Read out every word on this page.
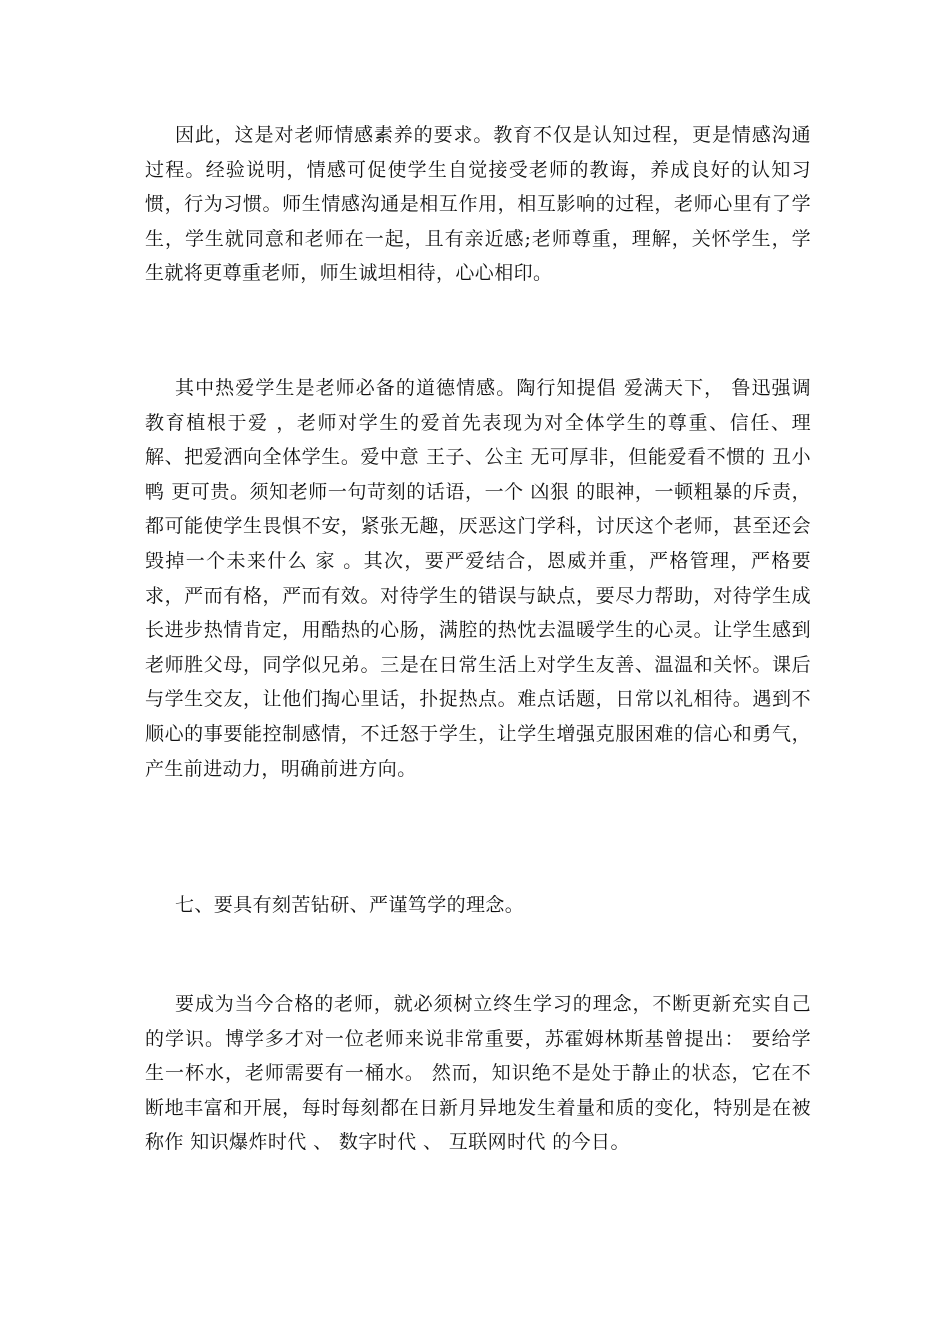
因此，这是对老师情感素养的要求。教育不仅是认知过程，更是情感沟通过程。经验说明，情感可促使学生自觉接受老师的教诲，养成良好的认知习惯，行为习惯。师生情感沟通是相互作用，相互影响的过程，老师心里有了学生，学生就同意和老师在一起，且有亲近感;老师尊重，理解，关怀学生，学生就将更尊重老师，师生诚坦相待，心心相印。

其中热爱学生是老师必备的道德情感。陶行知提倡 爱满天下， 鲁迅强调 教育植根于爱 ，老师对学生的爱首先表现为对全体学生的尊重、信任、理解、把爱洒向全体学生。爱中意 王子、公主 无可厚非，但能爱看不惯的 丑小鸭 更可贵。须知老师一句苛刻的话语，一个 凶狠 的眼神，一顿粗暴的斥责，都可能使学生畏惧不安，紧张无趣，厌恶这门学科，讨厌这个老师，甚至还会毁掉一个未来什么 家 。其次，要严爱结合，恩威并重，严格管理，严格要求，严而有格，严而有效。对待学生的错误与缺点，要尽力帮助，对待学生成长进步热情肯定，用酷热的心肠，满腔的热忱去温暖学生的心灵。让学生感到老师胜父母，同学似兄弟。三是在日常生活上对学生友善、温温和关怀。课后与学生交友，让他们掏心里话，扑捉热点。难点话题，日常以礼相待。遇到不顺心的事要能控制感情，不迁怒于学生，让学生增强克服困难的信心和勇气，产生前进动力，明确前进方向。

七、要具有刻苦钻研、严谨笃学的理念。

要成为当今合格的老师，就必须树立终生学习的理念，不断更新充实自己的学识。博学多才对一位老师来说非常重要，苏霍姆林斯基曾提出： 要给学生一杯水，老师需要有一桶水。 然而，知识绝不是处于静止的状态，它在不断地丰富和开展，每时每刻都在日新月异地发生着量和质的变化，特别是在被称作 知识爆炸时代 、 数字时代 、 互联网时代 的今日。
